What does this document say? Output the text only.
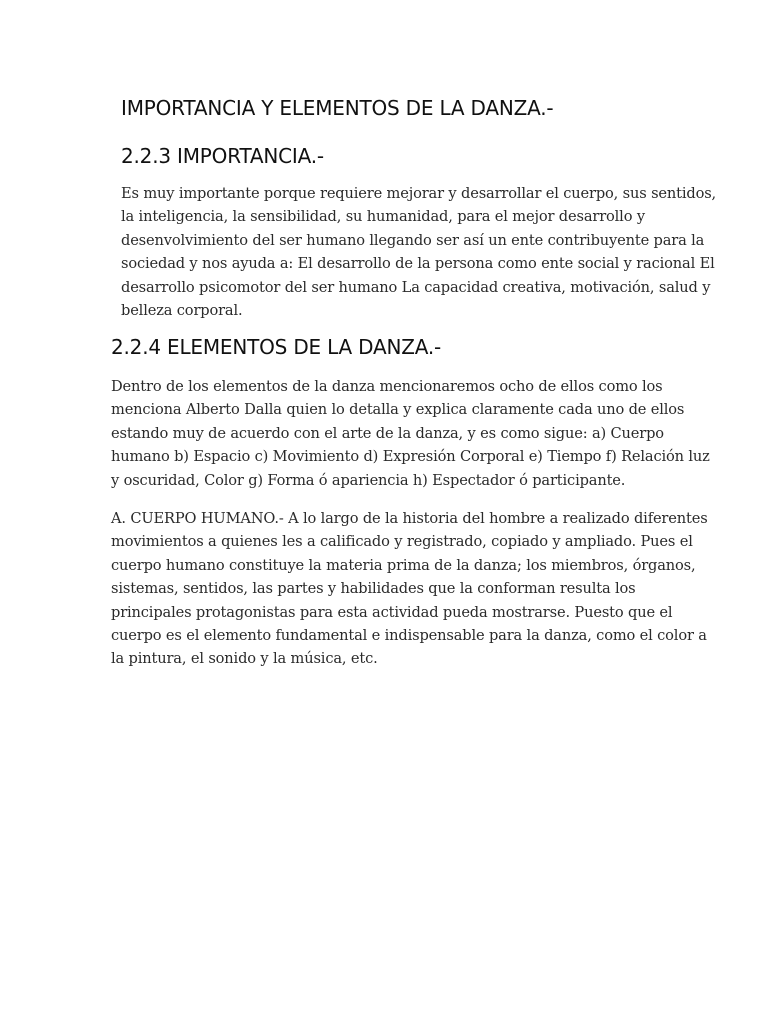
IMPORTANCIA Y ELEMENTOS DE LA DANZA.-
2.2.3 IMPORTANCIA.-

Es muy importante porque requiere mejorar y desarrollar el cuerpo, sus sentidos, la inteligencia, la sensibilidad, su humanidad, para el mejor desarrollo y desenvolvimiento del ser humano llegando ser así un ente contribuyente para la sociedad y nos ayuda a: El desarrollo de la persona como ente social y racional El desarrollo psicomotor del ser humano La capacidad creativa, motivación, salud y belleza corporal.

2.2.4 ELEMENTOS DE LA DANZA.-

Dentro de los elementos de la danza mencionaremos ocho de ellos como los menciona Alberto Dalla quien lo detalla y explica claramente cada uno de ellos estando muy de acuerdo con el arte de la danza, y es como sigue: a) Cuerpo humano b) Espacio c) Movimiento d) Expresión Corporal e) Tiempo f) Relación luz y oscuridad, Color g) Forma ó apariencia h) Espectador ó participante.

A. CUERPO HUMANO.- A lo largo de la historia del hombre a realizado diferentes movimientos a quienes les a calificado y registrado, copiado y ampliado. Pues el cuerpo humano constituye la materia prima de la danza; los miembros, órganos, sistemas, sentidos, las partes y habilidades que la conforman resulta los principales protagonistas para esta actividad pueda mostrarse. Puesto que el cuerpo es el elemento fundamental e indispensable para la danza, como el color a la pintura, el sonido y la música, etc.
